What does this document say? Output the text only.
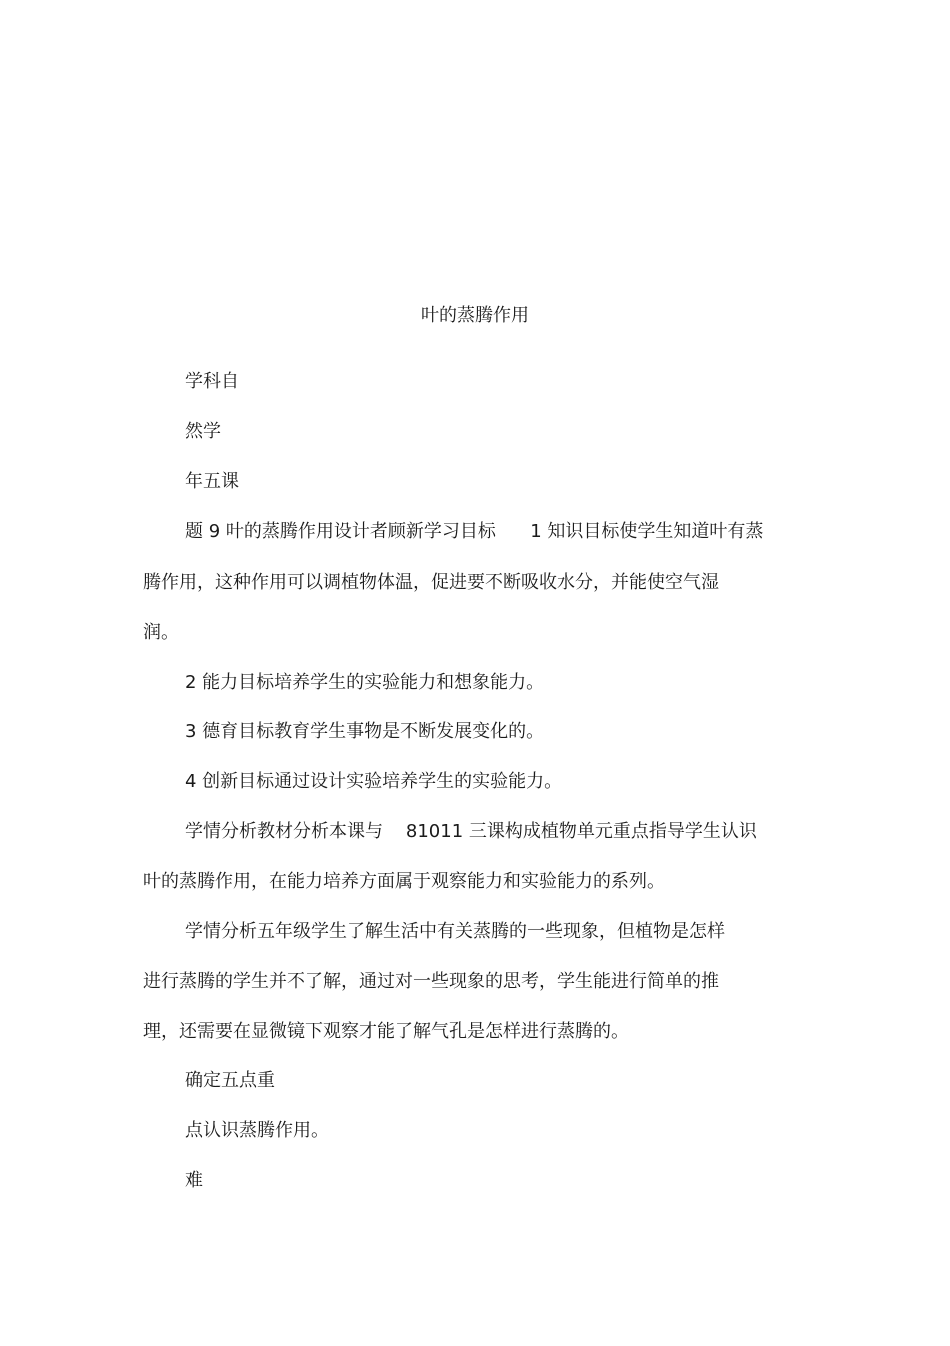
叶的蒸腾作用
学科自
然学
年五课
题 9 叶的蒸腾作用设计者顾新学习目标      1 知识目标使学生知道叶有蒸
腾作用，这种作用可以调植物体温，促进要不断吸收水分，并能使空气湿
润。
2 能力目标培养学生的实验能力和想象能力。
3 德育目标教育学生事物是不断发展变化的。
4 创新目标通过设计实验培养学生的实验能力。
学情分析教材分析本课与    81011 三课构成植物单元重点指导学生认识
叶的蒸腾作用，在能力培养方面属于观察能力和实验能力的系列。
学情分析五年级学生了解生活中有关蒸腾的一些现象，但植物是怎样
进行蒸腾的学生并不了解，通过对一些现象的思考，学生能进行简单的推
理，还需要在显微镜下观察才能了解气孔是怎样进行蒸腾的。
确定五点重
点认识蒸腾作用。
难
